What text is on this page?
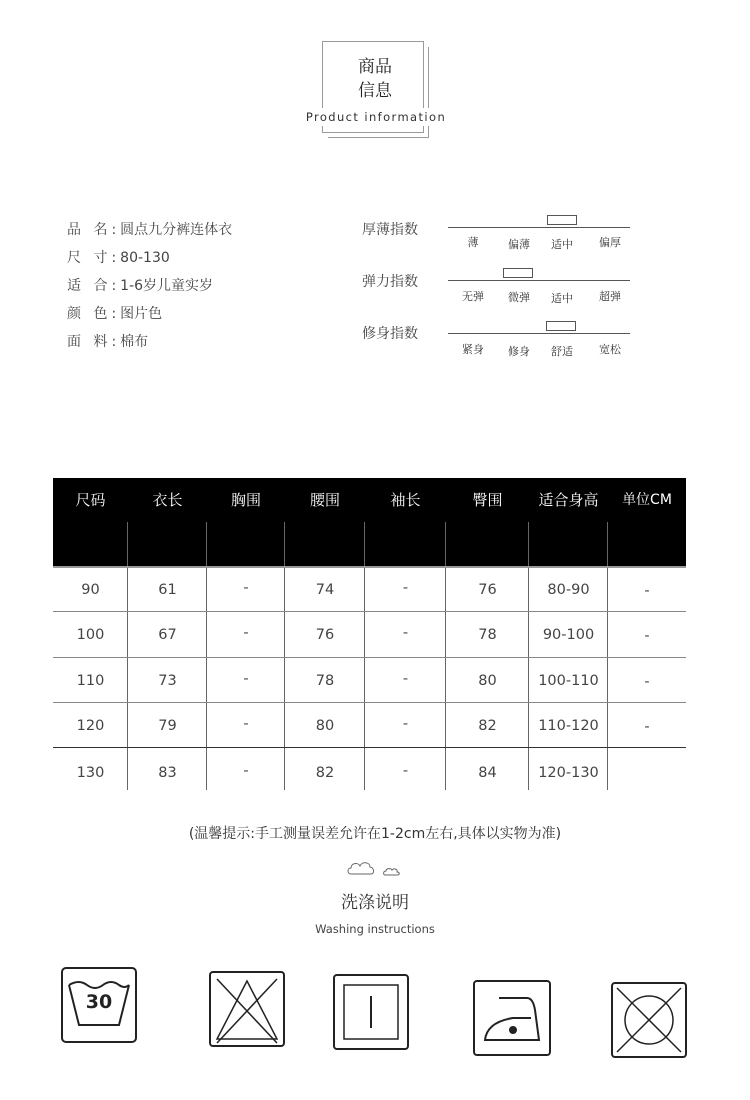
商品
信息
Product information
品 名:圆点九分裤连体衣
尺 寸:80-130
适 合:1-6岁儿童实岁
颜 色:图片色
面 料:棉布
厚薄指数
薄	偏薄	适中	偏厚
弹力指数
无弹	微弹	适中	超弹
修身指数
紧身	修身	舒适	宽松
尺码	衣长	胸围	腰围	袖长	臀围	适合身高	单位CM
90	61	-	74	-	76	80-90	-
100	67	-	76	-	78	90-100	-
110	73	-	78	-	80	100-110	-
120	79	-	80	-	82	110-120	-
130	83	-	82	-	84	120-130
(温馨提示:手工测量误差允许在1-2cm左右,具体以实物为准)
洗涤说明
Washing instructions
30
